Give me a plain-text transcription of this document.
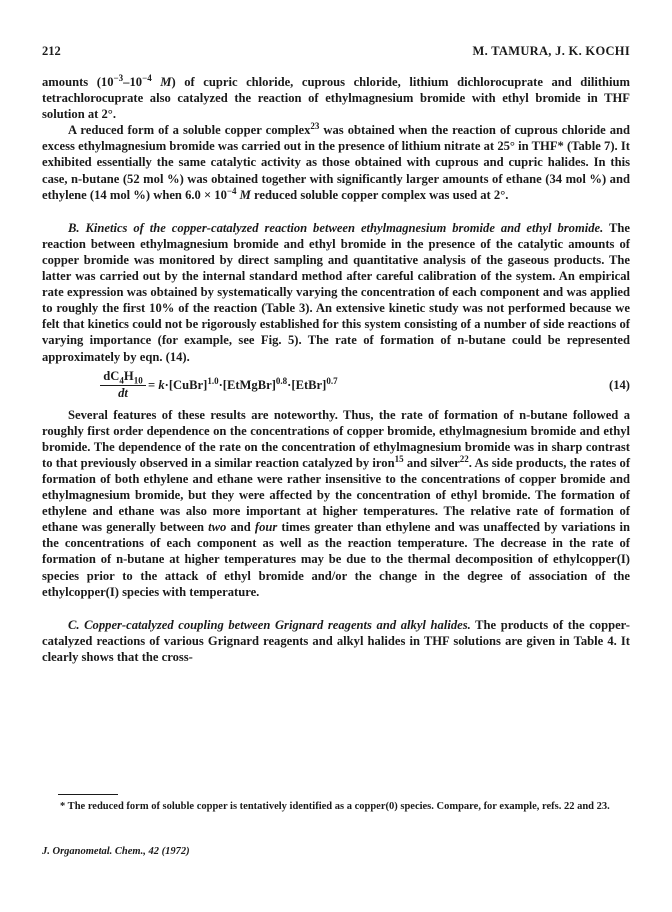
212	M. TAMURA, J. K. KOCHI

amounts ($10^{-3}-10^{-4}$ M) of cupric chloride, cuprous chloride, lithium dichlorocuprate and dilithium tetrachlorocuprate also catalyzed the reaction of ethylmagnesium bromide with ethyl bromide in THF solution at 2°.

A reduced form of a soluble copper complex$^{23}$ was obtained when the reaction of cuprous chloride and excess ethylmagnesium bromide was carried out in the presence of lithium nitrate at 25° in THF* (Table 7). It exhibited essentially the same catalytic activity as those obtained with cuprous and cupric halides. In this case, n-butane (52 mol %) was obtained together with significantly larger amounts of ethane (34 mol %) and ethylene (14 mol %) when $6.0 \times 10^{-4}$ M reduced soluble copper complex was used at 2°.

B. Kinetics of the copper-catalyzed reaction between ethylmagnesium bromide and ethyl bromide. The reaction between ethylmagnesium bromide and ethyl bromide in the presence of the catalytic amounts of copper bromide was monitored by direct sampling and quantitative analysis of the gaseous products. The latter was carried out by the internal standard method after careful calibration of the system. An empirical rate expression was obtained by systematically varying the concentration of each component and was applied to roughly the first 10% of the reaction (Table 3). An extensive kinetic study was not performed because we felt that kinetics could not be rigorously established for this system consisting of a number of side reactions of varying importance (for example, see Fig. 5). The rate of formation of n-butane could be represented approximately by eqn. (14).

$\frac{dC_4H_{10}}{dt}$ = k·[CuBr]$^{1.0}$·[EtMgBr]$^{0.8}$·[EtBr]$^{0.7}$	(14)

Several features of these results are noteworthy. Thus, the rate of formation of n-butane followed a roughly first order dependence on the concentrations of copper bromide, ethylmagnesium bromide and ethyl bromide. The dependence of the rate on the concentration of ethylmagnesium bromide was in sharp contrast to that previously observed in a similar reaction catalyzed by iron$^{15}$ and silver$^{22}$. As side products, the rates of formation of both ethylene and ethane were rather insensitive to the concentrations of copper bromide and ethylmagnesium bromide, but they were affected by the concentration of ethyl bromide. The formation of ethylene and ethane was also more important at higher temperatures. The relative rate of formation of ethane was generally between two and four times greater than ethylene and was unaffected by variations in the concentrations of each component as well as the reaction temperature. The decrease in the rate of formation of n-butane at higher temperatures may be due to the thermal decomposition of ethylcopper(I) species prior to the attack of ethyl bromide and/or the change in the degree of association of the ethylcopper(I) species with temperature.

C. Copper-catalyzed coupling between Grignard reagents and alkyl halides. The products of the copper-catalyzed reactions of various Grignard reagents and alkyl halides in THF solutions are given in Table 4. It clearly shows that the cross-

* The reduced form of soluble copper is tentatively identified as a copper(0) species. Compare, for example, refs. 22 and 23.

J. Organometal. Chem., 42 (1972)
